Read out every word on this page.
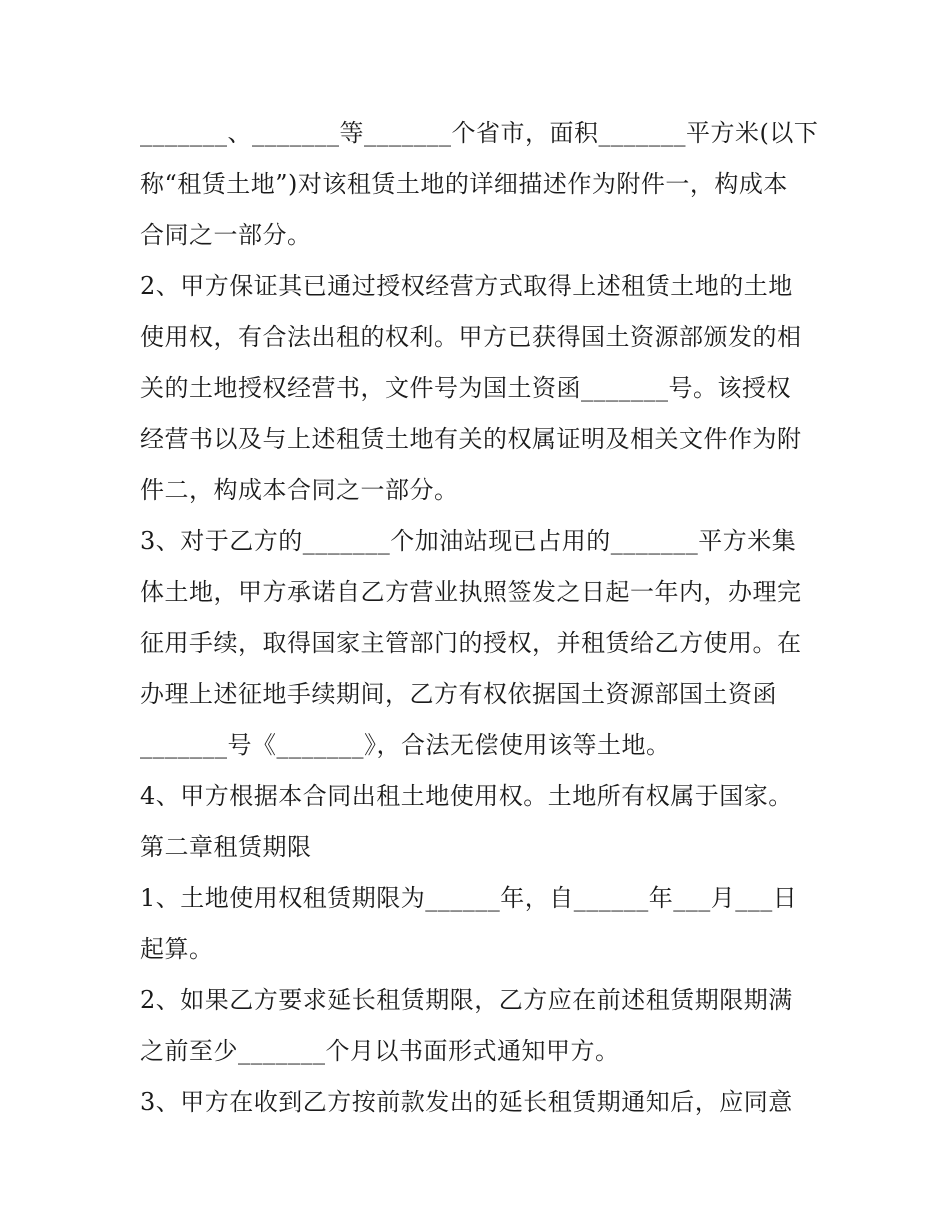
_______、_______等_______个省市，面积_______平方米(以下

称“租赁土地”)对该租赁土地的详细描述作为附件一，构成本

合同之一部分。

2、甲方保证其已通过授权经营方式取得上述租赁土地的土地

使用权，有合法出租的权利。甲方已获得国土资源部颁发的相

关的土地授权经营书，文件号为国土资函_______号。该授权

经营书以及与上述租赁土地有关的权属证明及相关文件作为附

件二，构成本合同之一部分。

3、对于乙方的_______个加油站现已占用的_______平方米集

体土地，甲方承诺自乙方营业执照签发之日起一年内，办理完

征用手续，取得国家主管部门的授权，并租赁给乙方使用。在

办理上述征地手续期间，乙方有权依据国土资源部国土资函

_______号《_______》，合法无偿使用该等土地。

4、甲方根据本合同出租土地使用权。土地所有权属于国家。

第二章租赁期限

1、土地使用权租赁期限为______年，自______年___月___日

起算。

2、如果乙方要求延长租赁期限，乙方应在前述租赁期限期满

之前至少_______个月以书面形式通知甲方。

3、甲方在收到乙方按前款发出的延长租赁期通知后，应同意
